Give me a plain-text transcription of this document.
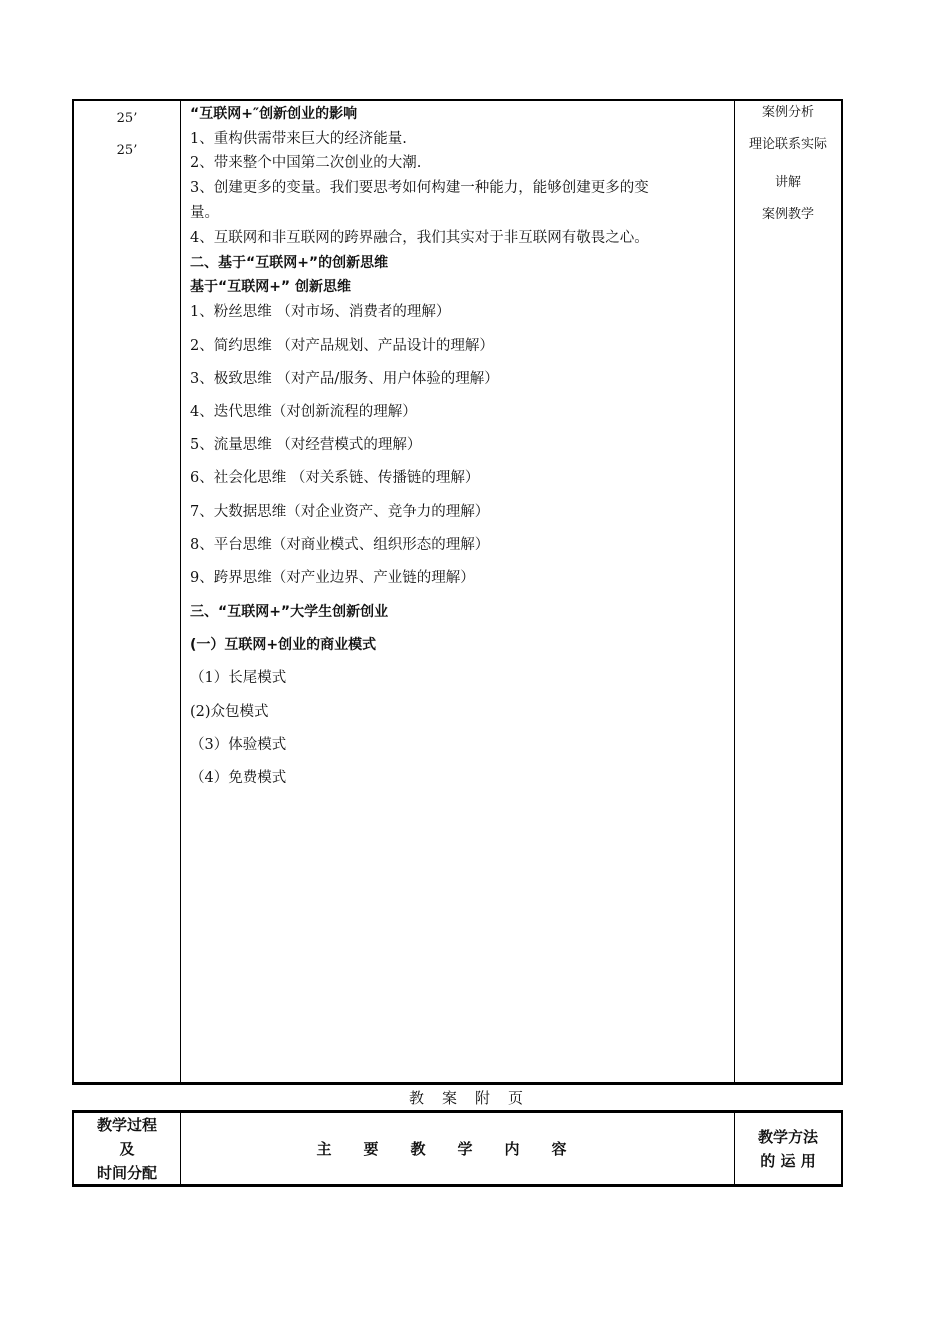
25’
25’
“互联网+″创新创业的影响
1、重构供需带来巨大的经济能量.
2、带来整个中国第二次创业的大潮.
3、创建更多的变量。我们要思考如何构建一种能力，能够创建更多的变
量。
4、互联网和非互联网的跨界融合，我们其实对于非互联网有敬畏之心。
二、基于“互联网+”的创新思维
基于“互联网+” 创新思维
1、粉丝思维 （对市场、消费者的理解）
2、简约思维 （对产品规划、产品设计的理解）
3、极致思维 （对产品/服务、用户体验的理解）
4、迭代思维（对创新流程的理解）
5、流量思维 （对经营模式的理解）
6、社会化思维 （对关系链、传播链的理解）
7、大数据思维（对企业资产、竞争力的理解）
8、平台思维（对商业模式、组织形态的理解）
9、跨界思维（对产业边界、产业链的理解）
三、“互联网+”大学生创新创业
(一）互联网+创业的商业模式
（1）长尾模式
(2)众包模式
（3）体验模式
（4）免费模式
案例分析
理论联系实际
讲解
案例教学
教案附页
教学过程
及
时间分配
主要教学内容
教学方法
的 运 用
